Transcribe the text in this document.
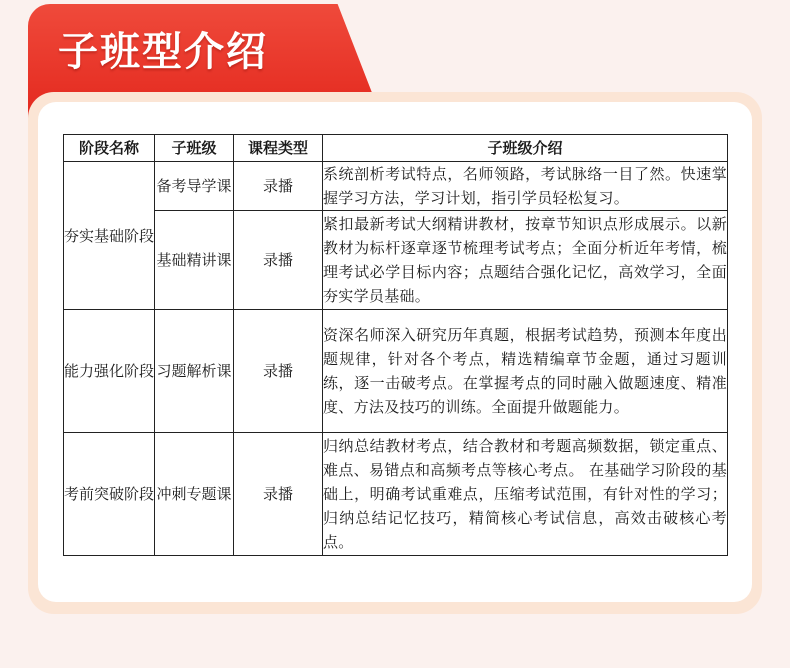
子班型介绍
阶段名称	子班级	课程类型	子班级介绍
夯实基础阶段	备考导学课	录播	系统剖析考试特点，名师领路，考试脉络一目了然。快速掌握学习方法，学习计划，指引学员轻松复习。
	基础精讲课	录播	紧扣最新考试大纲精讲教材，按章节知识点形成展示。以新教材为标杆逐章逐节梳理考试考点；全面分析近年考情，梳理考试必学目标内容；点题结合强化记忆，高效学习，全面夯实学员基础。
能力强化阶段	习题解析课	录播	资深名师深入研究历年真题，根据考试趋势，预测本年度出题规律，针对各个考点，精选精编章节金题，通过习题训练，逐一击破考点。在掌握考点的同时融入做题速度、精准度、方法及技巧的训练。全面提升做题能力。
考前突破阶段	冲刺专题课	录播	归纳总结教材考点，结合教材和考题高频数据，锁定重点、难点、易错点和高频考点等核心考点。 在基础学习阶段的基础上，明确考试重难点，压缩考试范围，有针对性的学习；归纳总结记忆技巧，精简核心考试信息，高效击破核心考点。
